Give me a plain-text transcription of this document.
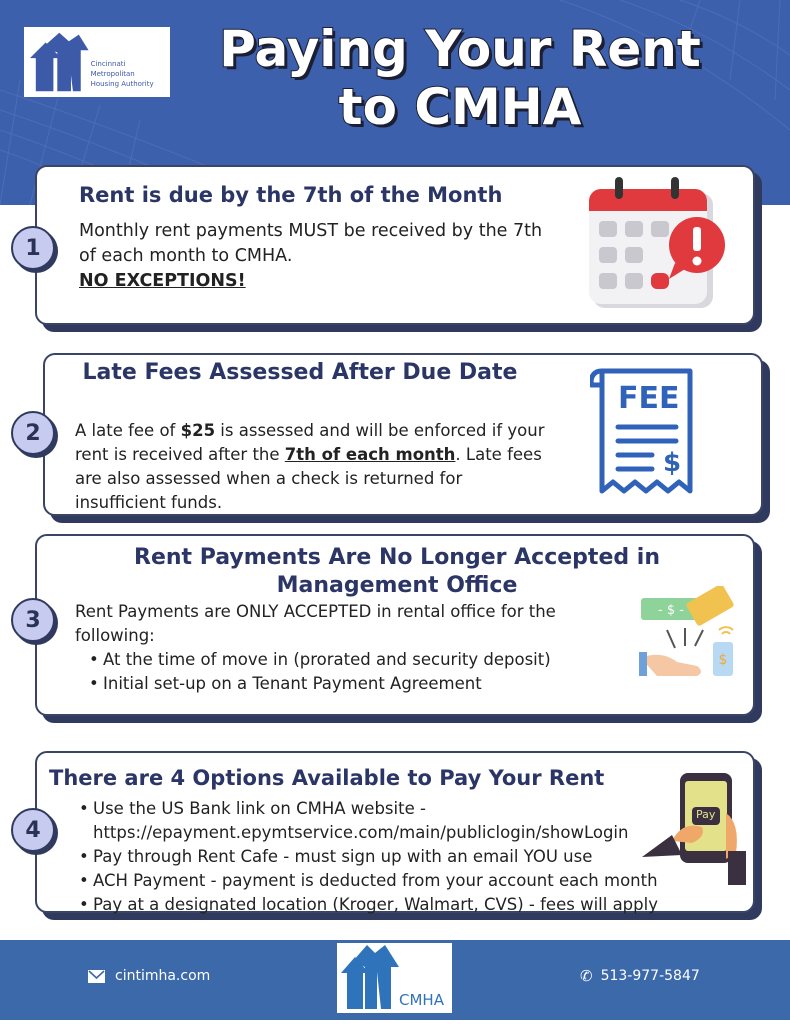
Cincinnati Metropolitan
Housing Authority
Paying Your Rent
to CMHA
Rent is due by the 7th of the Month
Monthly rent payments MUST be received by the 7th of each month to CMHA.
NO EXCEPTIONS!
1
Late Fees Assessed After Due Date
A late fee of $25 is assessed and will be enforced if your rent is received after the 7th of each month. Late fees are also assessed when a check is returned for insufficient funds.
$
FEE
2
Rent Payments Are No Longer Accepted in Management Office
Rent Payments are ONLY ACCEPTED in rental office for the following:
• At the time of move in (prorated and security deposit)
• Initial set-up on a Tenant Payment Agreement
- $ -
$
3
There are 4 Options Available to Pay Your Rent
• Use the US Bank link on CMHA website - https://epayment.epymtservice.com/main/publiclogin/showLogin
• Pay through Rent Cafe - must sign up with an email YOU use
• ACH Payment - payment is deducted from your account each month
• Pay at a designated location (Kroger, Walmart, CVS) - fees will apply
Pay
4
cintimha.com
CMHA
✆ 513-977-5847
